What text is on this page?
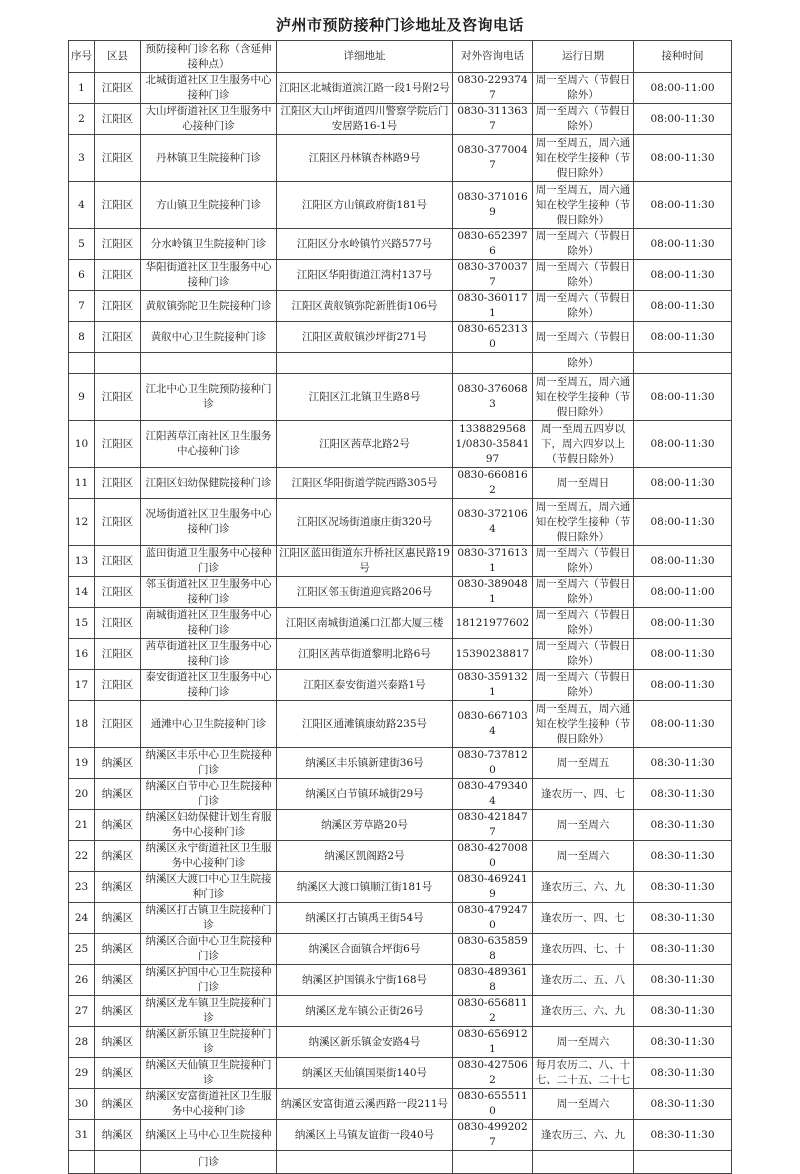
泸州市预防接种门诊地址及咨询电话
序号	区县	预防接种门诊名称（含延伸接种点）	详细地址	对外咨询电话	运行日期	接种时间
1	江阳区	北城街道社区卫生服务中心接种门诊	江阳区北城街道滨江路一段1号附2号	0830-2293747	周一至周六（节假日除外）	08:00-11:00
2	江阳区	大山坪街道社区卫生服务中心接种门诊	江阳区大山坪街道四川警察学院后门安居路16-1号	0830-3113637	周一至周六（节假日除外）	08:00-11:30
3	江阳区	丹林镇卫生院接种门诊	江阳区丹林镇杏林路9号	0830-3770047	周一至周五，周六通知在校学生接种（节假日除外）	08:00-11:30
4	江阳区	方山镇卫生院接种门诊	江阳区方山镇政府街181号	0830-3710169	周一至周五，周六通知在校学生接种（节假日除外）	08:00-11:30
5	江阳区	分水岭镇卫生院接种门诊	江阳区分水岭镇竹兴路577号	0830-6523976	周一至周六（节假日除外）	08:00-11:30
6	江阳区	华阳街道社区卫生服务中心接种门诊	江阳区华阳街道江湾村137号	0830-3700377	周一至周六（节假日除外）	08:00-11:30
7	江阳区	黄舣镇弥陀卫生院接种门诊	江阳区黄舣镇弥陀新胜街106号	0830-3601171	周一至周六（节假日除外）	08:00-11:30
8	江阳区	黄舣中心卫生院接种门诊	江阳区黄舣镇沙坪街271号	0830-6523130	周一至周六（节假日	08:00-11:30
					除外）	
9	江阳区	江北中心卫生院预防接种门诊	江阳区江北镇卫生路8号	0830-3760683	周一至周五，周六通知在校学生接种（节假日除外）	08:00-11:30
10	江阳区	江阳茜草江南社区卫生服务中心接种门诊	江阳区茜草北路2号	13388295681/0830-3584197	周一至周五四岁以下，周六四岁以上（节假日除外）	08:00-11:30
11	江阳区	江阳区妇幼保健院接种门诊	江阳区华阳街道学院西路305号	0830-6608162	周一至周日	08:00-11:30
12	江阳区	况场街道社区卫生服务中心接种门诊	江阳区况场街道康庄街320号	0830-3721064	周一至周五，周六通知在校学生接种（节假日除外）	08:00-11:30
13	江阳区	蓝田街道卫生服务中心接种门诊	江阳区蓝田街道东升桥社区惠民路19号	0830-3716131	周一至周六（节假日除外）	08:00-11:30
14	江阳区	邻玉街道社区卫生服务中心接种门诊	江阳区邻玉街道迎宾路206号	0830-3890481	周一至周六（节假日除外）	08:00-11:00
15	江阳区	南城街道社区卫生服务中心接种门诊	江阳区南城街道溪口江都大厦三楼	18121977602	周一至周六（节假日除外）	08:00-11:30
16	江阳区	茜草街道社区卫生服务中心接种门诊	江阳区茜草街道黎明北路6号	15390238817	周一至周六（节假日除外）	08:00-11:30
17	江阳区	泰安街道社区卫生服务中心接种门诊	江阳区泰安街道兴泰路1号	0830-3591321	周一至周六（节假日除外）	08:00-11:30
18	江阳区	通滩中心卫生院接种门诊	江阳区通滩镇康幼路235号	0830-6671034	周一至周五，周六通知在校学生接种（节假日除外）	08:00-11:30
19	纳溪区	纳溪区丰乐中心卫生院接种门诊	纳溪区丰乐镇新建街36号	0830-7378120	周一至周五	08:30-11:30
20	纳溪区	纳溪区白节中心卫生院接种门诊	纳溪区白节镇环城街29号	0830-4793404	逢农历一、四、七	08:30-11:30
21	纳溪区	纳溪区妇幼保健计划生育服务中心接种门诊	纳溪区芳草路20号	0830-4218477	周一至周六	08:30-11:30
22	纳溪区	纳溪区永宁街道社区卫生服务中心接种门诊	纳溪区凯阁路2号	0830-4270080	周一至周六	08:30-11:30
23	纳溪区	纳溪区大渡口中心卫生院接种门诊	纳溪区大渡口镇顺江街181号	0830-4692419	逢农历三、六、九	08:30-11:30
24	纳溪区	纳溪区打古镇卫生院接种门诊	纳溪区打古镇禹王街54号	0830-4792470	逢农历一、四、七	08:30-11:30
25	纳溪区	纳溪区合面中心卫生院接种门诊	纳溪区合面镇合坪街6号	0830-6358598	逢农历四、七、十	08:30-11:30
26	纳溪区	纳溪区护国中心卫生院接种门诊	纳溪区护国镇永宁街168号	0830-4893618	逢农历二、五、八	08:30-11:30
27	纳溪区	纳溪区龙车镇卫生院接种门诊	纳溪区龙车镇公正街26号	0830-6568112	逢农历三、六、九	08:30-11:30
28	纳溪区	纳溪区新乐镇卫生院接种门诊	纳溪区新乐镇金安路4号	0830-6569121	周一至周六	08:30-11:30
29	纳溪区	纳溪区天仙镇卫生院接种门诊	纳溪区天仙镇国渠街140号	0830-4275062	每月农历二、八、十七、二十五、二十七	08:30-11:30
30	纳溪区	纳溪区安富街道社区卫生服务中心接种门诊	纳溪区安富街道云溪西路一段211号	0830-6555110	周一至周六	08:30-11:30
31	纳溪区	纳溪区上马中心卫生院接种	纳溪区上马镇友谊街一段40号	0830-4992027	逢农历三、六、九	08:30-11:30
		门诊				
